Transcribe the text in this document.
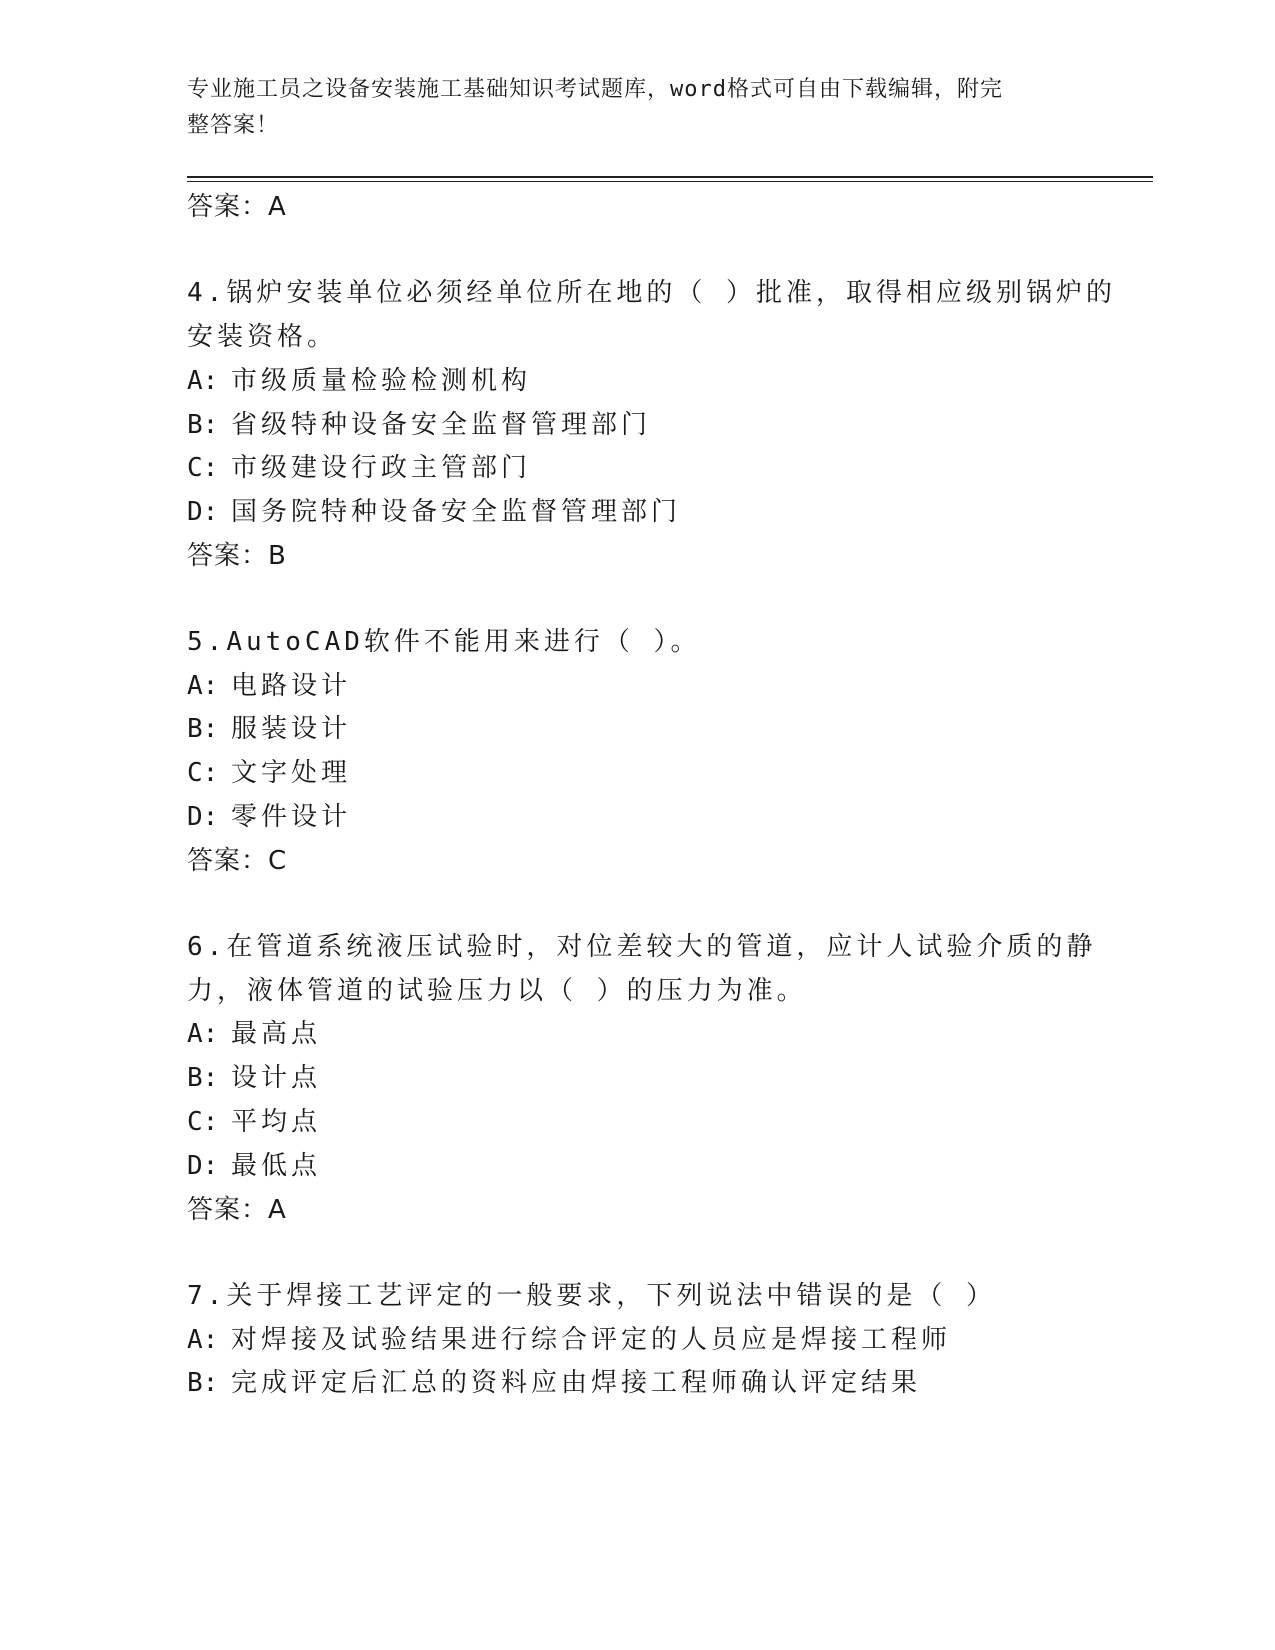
专业施工员之设备安装施工基础知识考试题库，word格式可自由下载编辑，附完
整答案！
答案：A
4.锅炉安装单位必须经单位所在地的（ ）批准，取得相应级别锅炉的
安装资格。
A: 市级质量检验检测机构
B: 省级特种设备安全监督管理部门
C: 市级建设行政主管部门
D: 国务院特种设备安全监督管理部门
答案：B
5.AutoCAD软件不能用来进行（ ）。
A: 电路设计
B: 服装设计
C: 文字处理
D: 零件设计
答案：C
6.在管道系统液压试验时，对位差较大的管道，应计人试验介质的静
力，液体管道的试验压力以（ ）的压力为准。
A: 最高点
B: 设计点
C: 平均点
D: 最低点
答案：A
7.关于焊接工艺评定的一般要求，下列说法中错误的是（ ）
A: 对焊接及试验结果进行综合评定的人员应是焊接工程师
B: 完成评定后汇总的资料应由焊接工程师确认评定结果
